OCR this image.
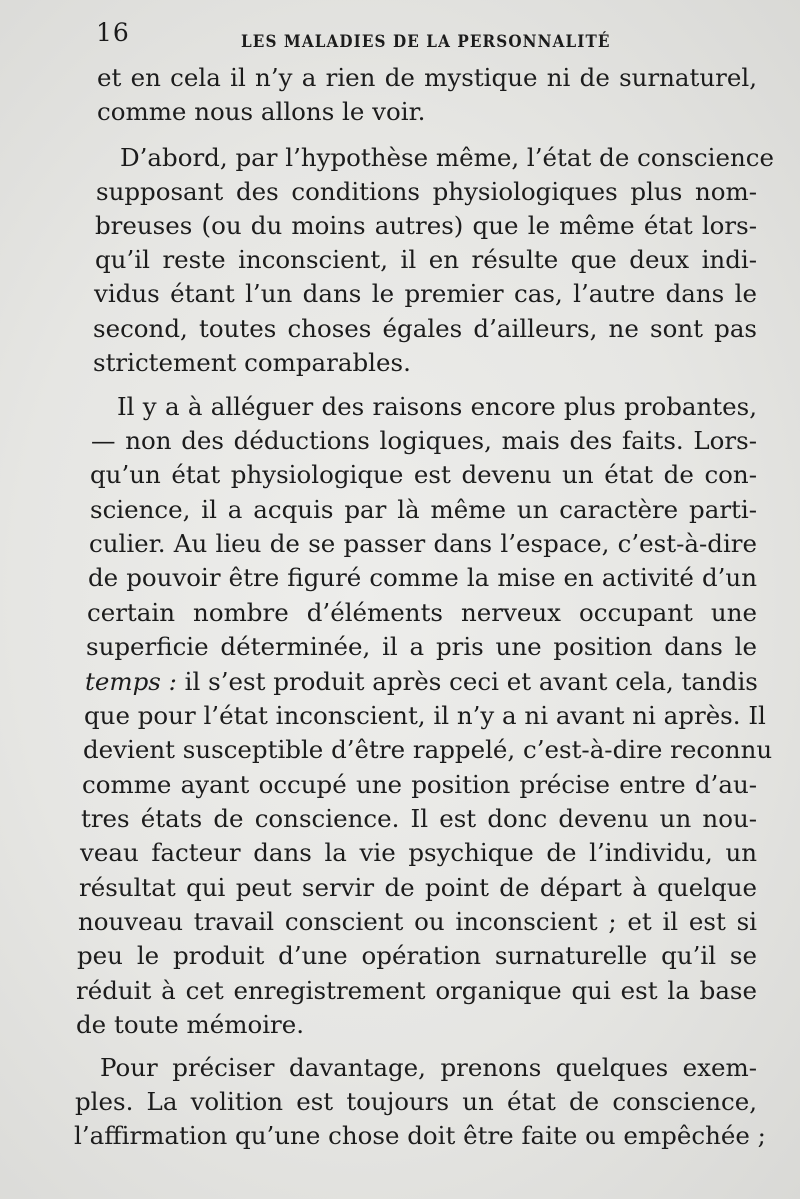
16	LES MALADIES DE LA PERSONNALITÉ
et en cela il n’y a rien de mystique ni de surnaturel,
comme nous allons le voir.
D’abord, par l’hypothèse même, l’état de conscience
supposant des conditions physiologiques plus nom-
breuses (ou du moins autres) que le même état lors-
qu’il reste inconscient, il en résulte que deux indi-
vidus étant l’un dans le premier cas, l’autre dans le
second, toutes choses égales d’ailleurs, ne sont pas
strictement comparables.
Il y a à alléguer des raisons encore plus probantes,
— non des déductions logiques, mais des faits. Lors-
qu’un état physiologique est devenu un état de con-
science, il a acquis par là même un caractère parti-
culier. Au lieu de se passer dans l’espace, c’est-à-dire
de pouvoir être figuré comme la mise en activité d’un
certain nombre d’éléments nerveux occupant une
superficie déterminée, il a pris une position dans le
temps : il s’est produit après ceci et avant cela, tandis
que pour l’état inconscient, il n’y a ni avant ni après. Il
devient susceptible d’être rappelé, c’est-à-dire reconnu
comme ayant occupé une position précise entre d’au-
tres états de conscience. Il est donc devenu un nou-
veau facteur dans la vie psychique de l’individu, un
résultat qui peut servir de point de départ à quelque
nouveau travail conscient ou inconscient ; et il est si
peu le produit d’une opération surnaturelle qu’il se
réduit à cet enregistrement organique qui est la base
de toute mémoire.
Pour préciser davantage, prenons quelques exem-
ples. La volition est toujours un état de conscience,
l’affirmation qu’une chose doit être faite ou empêchée ;
